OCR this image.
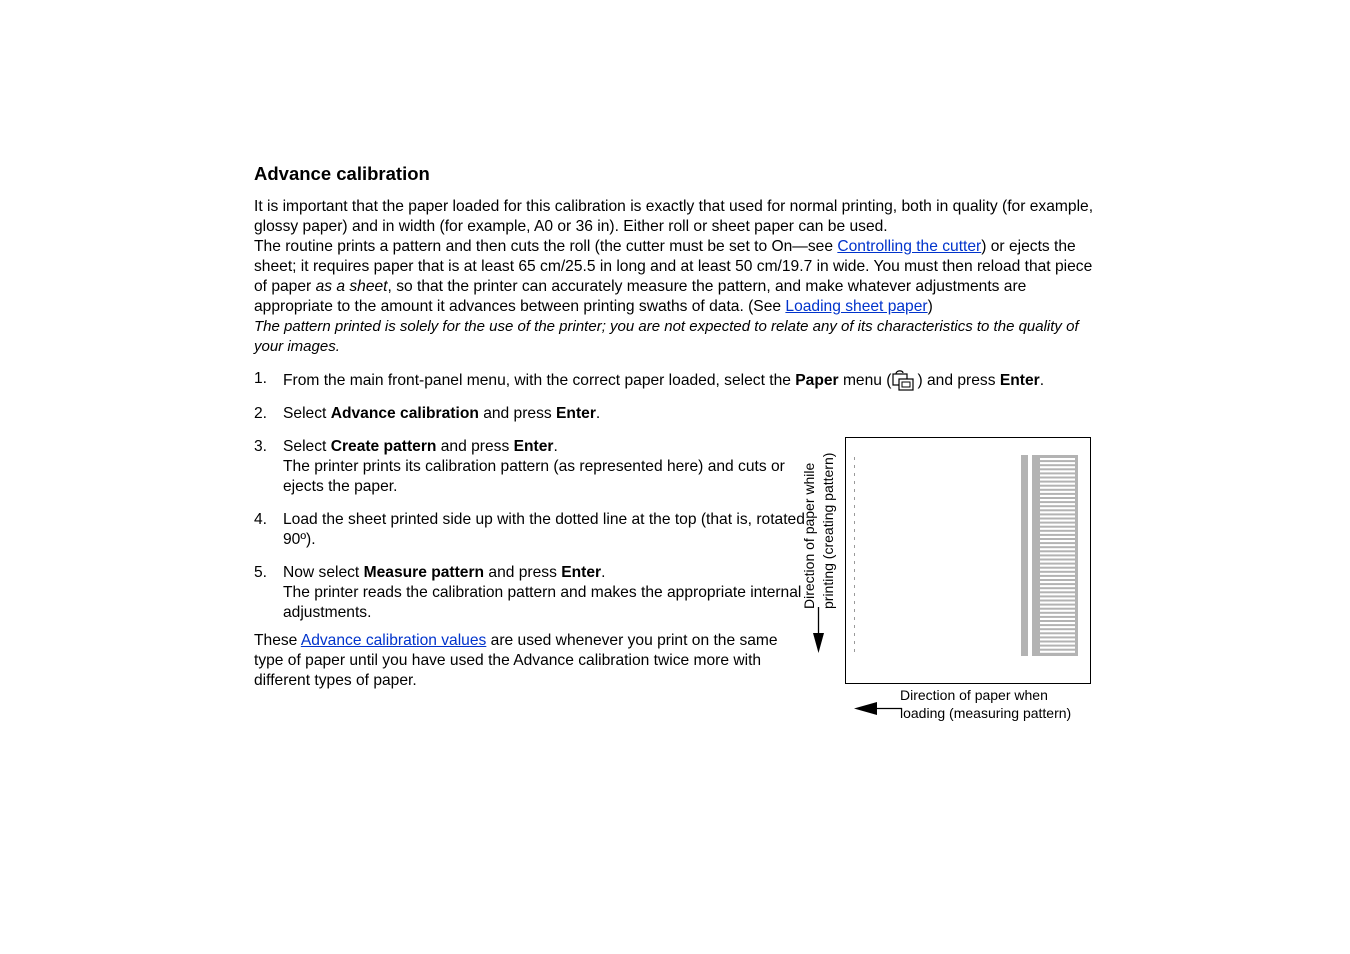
Advance calibration

It is important that the paper loaded for this calibration is exactly that used for normal printing, both in quality (for example, glossy paper) and in width (for example, A0 or 36 in). Either roll or sheet paper can be used.

The routine prints a pattern and then cuts the roll (the cutter must be set to On—see Controlling the cutter) or ejects the sheet; it requires paper that is at least 65 cm/25.5 in long and at least 50 cm/19.7 in wide. You must then reload that piece of paper as a sheet, so that the printer can accurately measure the pattern, and make whatever adjustments are appropriate to the amount it advances between printing swaths of data. (See Loading sheet paper)

The pattern printed is solely for the use of the printer; you are not expected to relate any of its characteristics to the quality of your images.

1. From the main front-panel menu, with the correct paper loaded, select the Paper menu ( ) and press Enter.
2. Select Advance calibration and press Enter.
3. Select Create pattern and press Enter.
The printer prints its calibration pattern (as represented here) and cuts or ejects the paper.
4. Load the sheet printed side up with the dotted line at the top (that is, rotated 90º).
5. Now select Measure pattern and press Enter.
The printer reads the calibration pattern and makes the appropriate internal adjustments.

These Advance calibration values are used whenever you print on the same type of paper until you have used the Advance calibration twice more with different types of paper.

Direction of paper while printing (creating pattern)
Direction of paper when
loading (measuring pattern)
